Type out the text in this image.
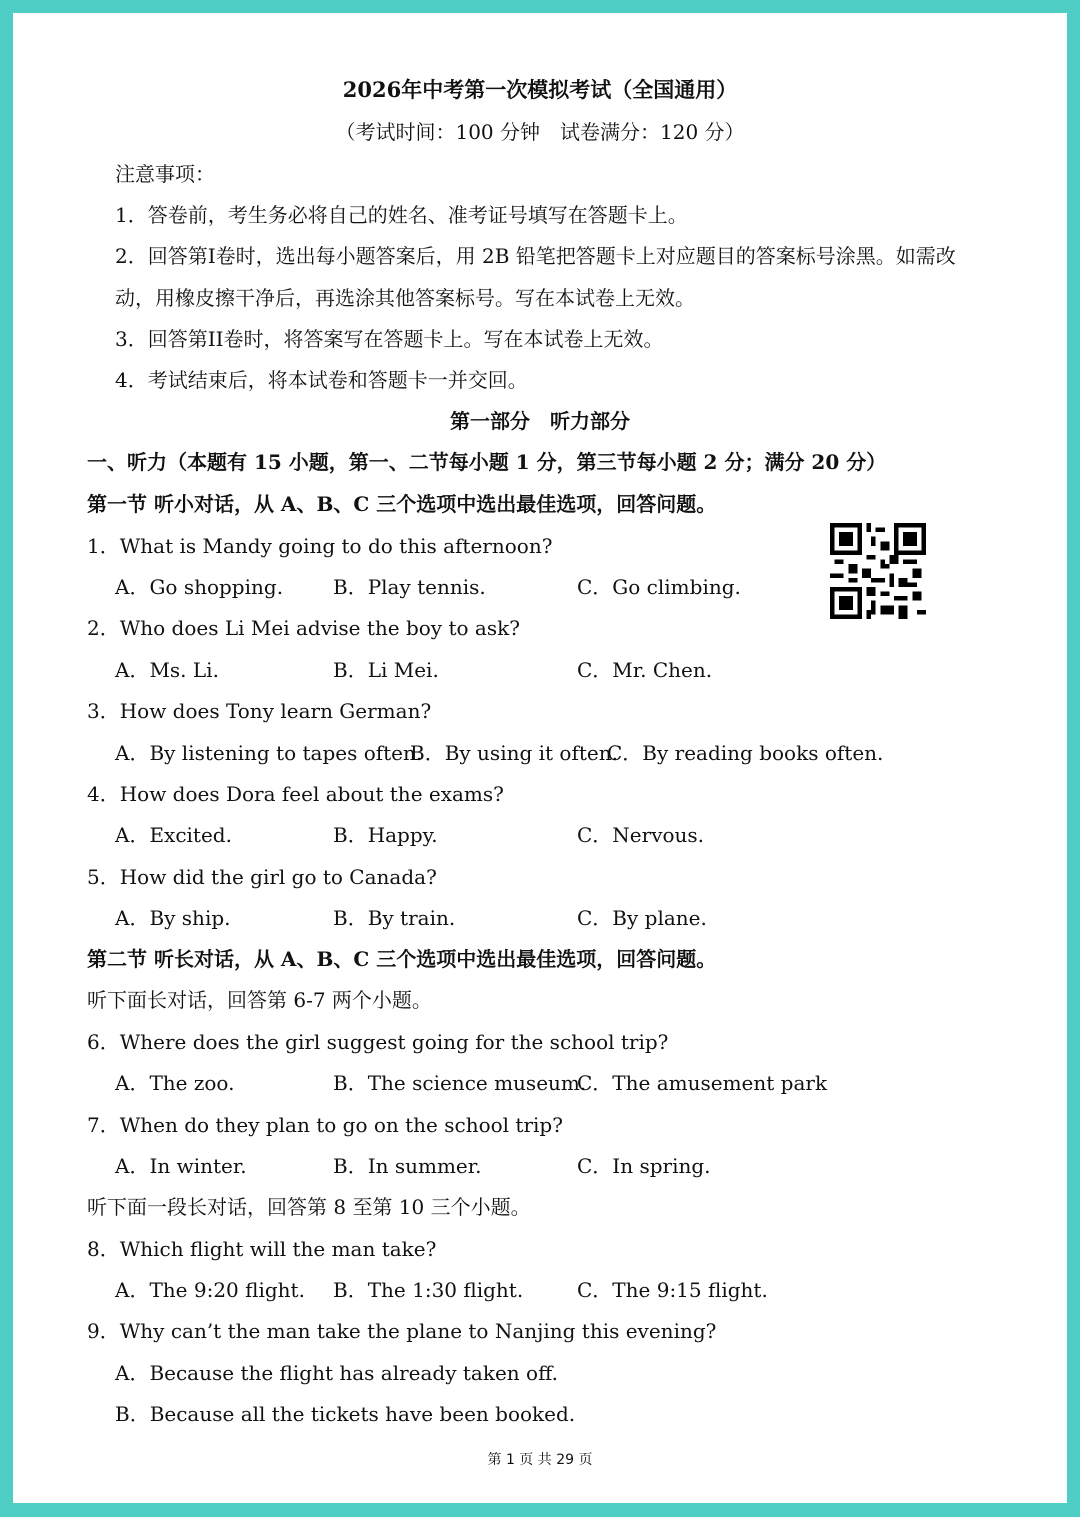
2026年中考第一次模拟考试（全国通用）
（考试时间：100 分钟　试卷满分：120 分）
注意事项：
1．答卷前，考生务必将自己的姓名、准考证号填写在答题卡上。
2．回答第I卷时，选出每小题答案后，用 2B 铅笔把答题卡上对应题目的答案标号涂黑。如需改
动，用橡皮擦干净后，再选涂其他答案标号。写在本试卷上无效。
3．回答第II卷时，将答案写在答题卡上。写在本试卷上无效。
4．考试结束后，将本试卷和答题卡一并交回。
第一部分　听力部分
一、听力（本题有 15 小题，第一、二节每小题 1 分，第三节每小题 2 分；满分 20 分）
第一节 听小对话，从 A、B、C 三个选项中选出最佳选项，回答问题。
1．What is Mandy going to do this afternoon?
A．Go shopping. B．Play tennis.	C．Go climbing.
2．Who does Li Mei advise the boy to ask?
A．Ms. Li.	B．Li Mei.	C．Mr. Chen.
3．How does Tony learn German?
A．By listening to tapes often.
B．By using it often.
C．By reading books often.
4．How does Dora feel about the exams?
A．Excited.	B．Happy.	C．Nervous.
5．How did the girl go to Canada?
A．By ship.	B．By train.	C．By plane.
第二节 听长对话，从 A、B、C 三个选项中选出最佳选项，回答问题。
听下面长对话，回答第 6-7 两个小题。
6．Where does the girl suggest going for the school trip?
A．The zoo.	B．The science museum.
C．The amusement park
7．When do they plan to go on the school trip?
A．In winter.	B．In summer.	C．In spring.
听下面一段长对话，回答第 8 至第 10 三个小题。
8．Which flight will the man take?
A．The 9:20 flight. B．The 1:30 flight.	C．The 9:15 flight.
9．Why can’t the man take the plane to Nanjing this evening?
A．Because the flight has already taken off.
B．Because all the tickets have been booked.
第 1 页 共 29 页
